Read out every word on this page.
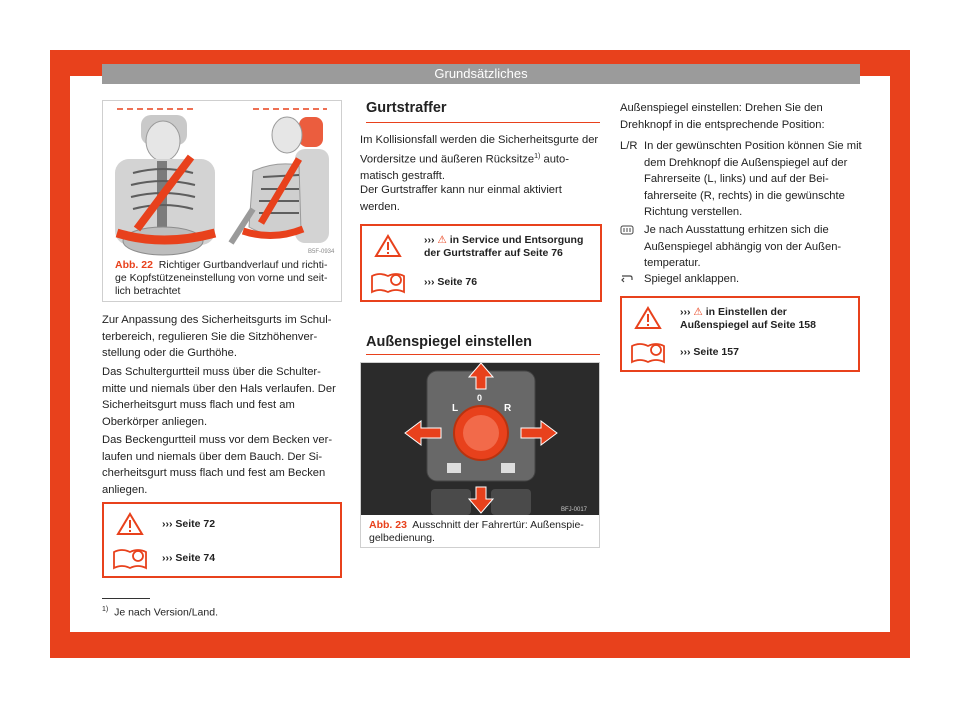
Grundsätzliches
B5F-0934
Abb. 22 Richtiger Gurtbandverlauf und richti-ge Kopfstützeneinstellung von vorne und seit-lich betrachtet

Zur Anpassung des Sicherheitsgurts im Schul-terbereich, regulieren Sie die Sitzhöhenver-stellung oder die Gurthöhe.

Das Schultergurtteil muss über die Schulter-mitte und niemals über den Hals verlaufen. Der Sicherheitsgurt muss flach und fest am Oberkörper anliegen.

Das Beckengurtteil muss vor dem Becken ver-laufen und niemals über dem Bauch. Der Si-cherheitsgurt muss flach und fest am Becken anliegen.

››› Seite 72
››› Seite 74
Gurtstraffer

Im Kollisionsfall werden die Sicherheitsgurte der Vordersitze und äußeren Rücksitze$^{1)}$ auto-matisch gestrafft.

Der Gurtstraffer kann nur einmal aktiviert werden.

››› ⚠ in Service und Entsorgung der Gurtstraffer auf Seite 76
››› Seite 76
Außenspiegel einstellen
L
0
R
BFJ-0017
Abb. 23 Ausschnitt der Fahrertür: Außenspie-gelbedienung.

Außenspiegel einstellen: Drehen Sie den Drehknopf in die entsprechende Position:

L/R In der gewünschten Position können Sie mit dem Drehknopf die Außenspiegel auf der Fahrerseite (L, links) und auf der Bei-fahrerseite (R, rechts) in die gewünschte Richtung verstellen.

Je nach Ausstattung erhitzen sich die Außenspiegel abhängig von der Außen-temperatur.

Spiegel anklappen.

››› ⚠ in Einstellen der Außenspiegel auf Seite 158
››› Seite 157
$^{1)}$ Je nach Version/Land.
21
